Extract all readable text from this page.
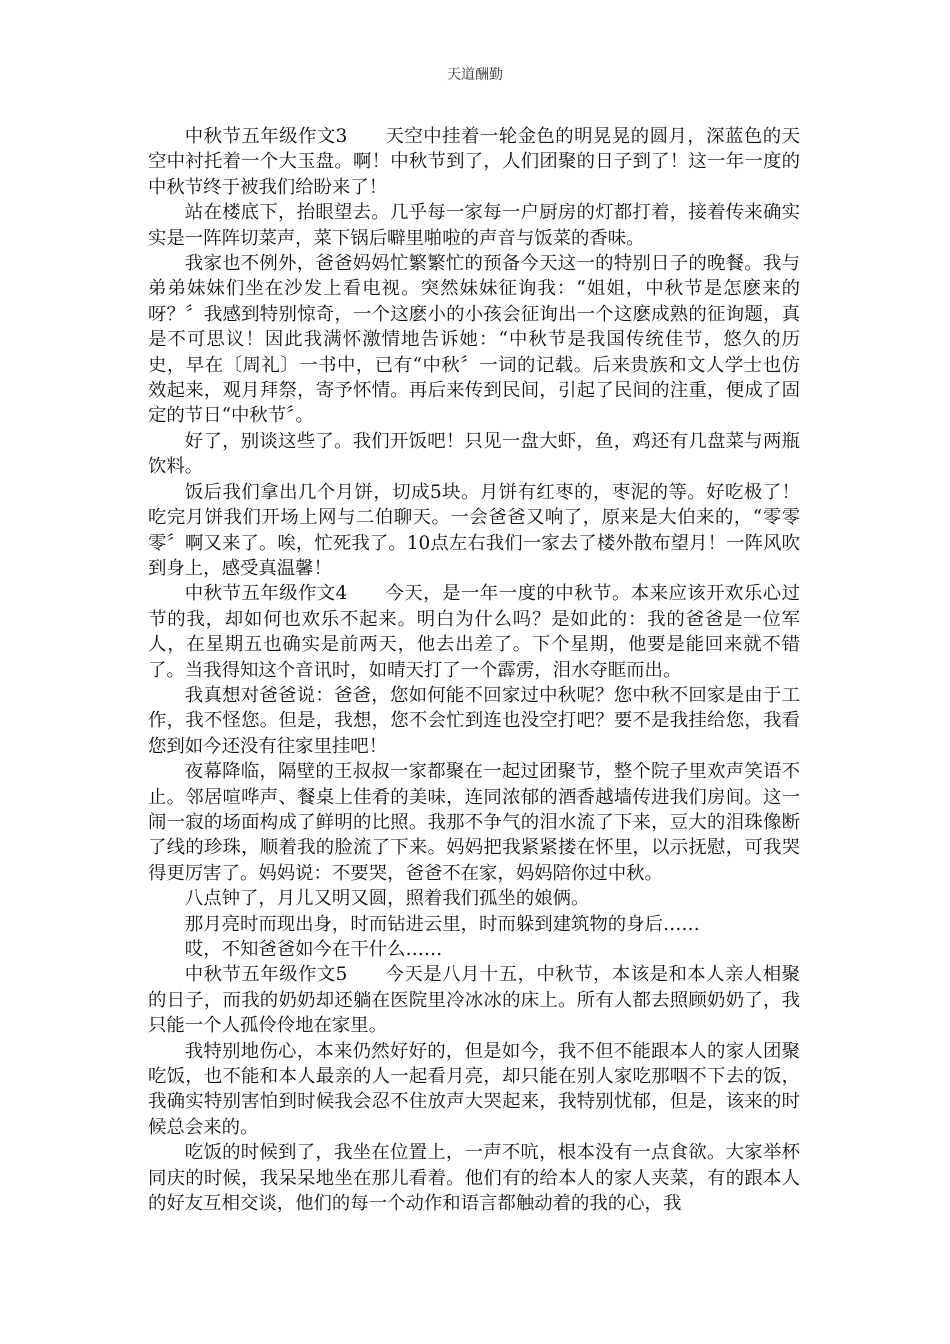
天道酬勤

中秋节五年级作文3　　天空中挂着一轮金色的明晃晃的圆月，深蓝色的天空中衬托着一个大玉盘。啊！中秋节到了，人们团聚的日子到了！这一年一度的中秋节终于被我们给盼来了！

站在楼底下，抬眼望去。几乎每一家每一户厨房的灯都打着，接着传来确实实是一阵阵切菜声，菜下锅后噼里啪啦的声音与饭菜的香味。

我家也不例外，爸爸妈妈忙繁繁忙的预备今天这一的特别日子的晚餐。我与弟弟妹妹们坐在沙发上看电视。突然妹妹征询我：“姐姐，中秋节是怎麽来的呀？〞我感到特别惊奇，一个这麽小的小孩会征询出一个这麽成熟的征询题，真是不可思议！因此我满怀激情地告诉她：“中秋节是我国传统佳节，悠久的历史，早在〔周礼〕一书中，已有“中秋〞一词的记载。后来贵族和文人学士也仿效起来，观月拜祭，寄予怀情。再后来传到民间，引起了民间的注重，便成了固定的节日“中秋节〞。

好了，别谈这些了。我们开饭吧！只见一盘大虾，鱼，鸡还有几盘菜与两瓶饮料。

饭后我们拿出几个月饼，切成5块。月饼有红枣的，枣泥的等。好吃极了！吃完月饼我们开场上网与二伯聊天。一会爸爸又响了，原来是大伯来的，“零零零〞啊又来了。唉，忙死我了。10点左右我们一家去了楼外散布望月！一阵风吹到身上，感受真温馨！

中秋节五年级作文4　　今天，是一年一度的中秋节。本来应该开欢乐心过节的我，却如何也欢乐不起来。明白为什么吗？是如此的：我的爸爸是一位军人，在星期五也确实是前两天，他去出差了。下个星期，他要是能回来就不错了。当我得知这个音讯时，如晴天打了一个霹雳，泪水夺眶而出。

我真想对爸爸说：爸爸，您如何能不回家过中秋呢？您中秋不回家是由于工作，我不怪您。但是，我想，您不会忙到连也没空打吧？要不是我挂给您，我看您到如今还没有往家里挂吧！

夜幕降临，隔壁的王叔叔一家都聚在一起过团聚节，整个院子里欢声笑语不止。邻居喧哗声、餐桌上佳肴的美味，连同浓郁的酒香越墙传进我们房间。这一闹一寂的场面构成了鲜明的比照。我那不争气的泪水流了下来，豆大的泪珠像断了线的珍珠，顺着我的脸流了下来。妈妈把我紧紧搂在怀里，以示抚慰，可我哭得更厉害了。妈妈说：不要哭，爸爸不在家，妈妈陪你过中秋。

八点钟了，月儿又明又圆，照着我们孤坐的娘俩。

那月亮时而现出身，时而钻进云里，时而躲到建筑物的身后……

哎，不知爸爸如今在干什么……

中秋节五年级作文5　　今天是八月十五，中秋节，本该是和本人亲人相聚的日子，而我的奶奶却还躺在医院里冷冰冰的床上。所有人都去照顾奶奶了，我只能一个人孤伶伶地在家里。

我特别地伤心，本来仍然好好的，但是如今，我不但不能跟本人的家人团聚吃饭，也不能和本人最亲的人一起看月亮，却只能在别人家吃那咽不下去的饭，我确实特别害怕到时候我会忍不住放声大哭起来，我特别忧郁，但是，该来的时候总会来的。

吃饭的时候到了，我坐在位置上，一声不吭，根本没有一点食欲。大家举杯同庆的时候，我呆呆地坐在那儿看着。他们有的给本人的家人夹菜，有的跟本人的好友互相交谈，他们的每一个动作和语言都触动着的我的心，我
